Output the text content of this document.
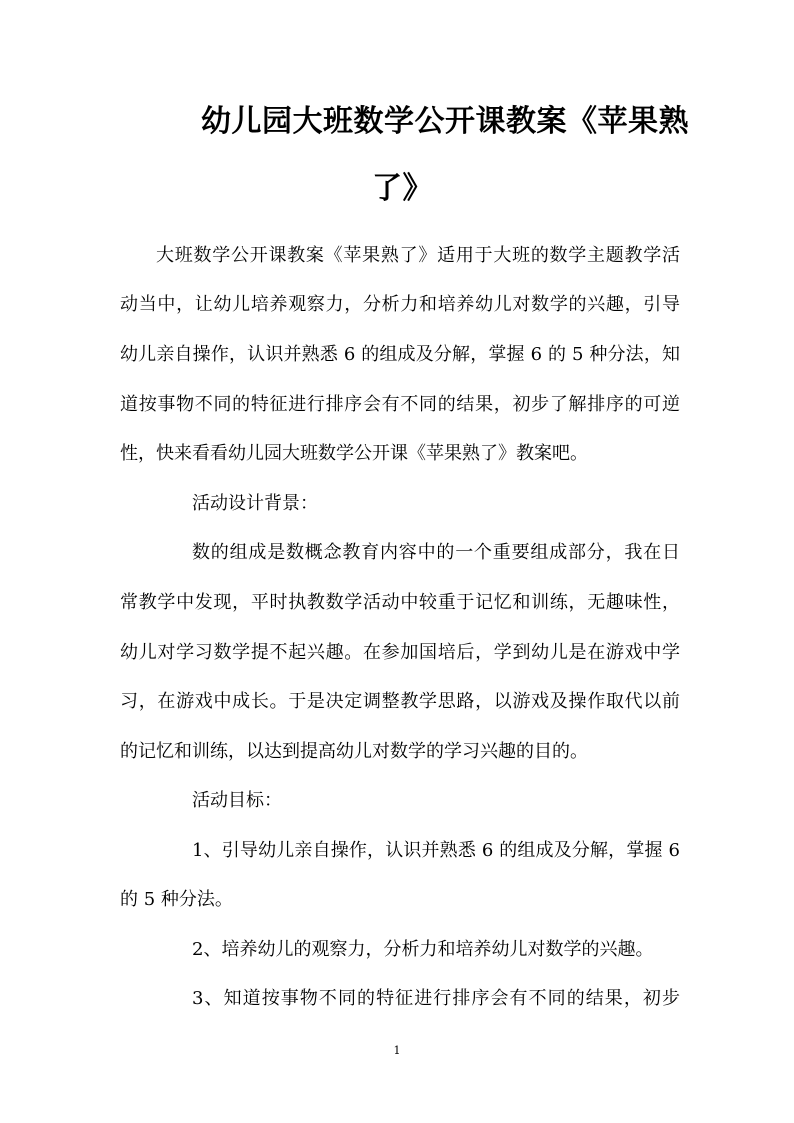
幼儿园大班数学公开课教案《苹果熟
了》
大班数学公开课教案《苹果熟了》适用于大班的数学主题教学活
动当中，让幼儿培养观察力，分析力和培养幼儿对数学的兴趣，引导
幼儿亲自操作，认识并熟悉 6 的组成及分解，掌握 6 的 5 种分法，知
道按事物不同的特征进行排序会有不同的结果，初步了解排序的可逆
性，快来看看幼儿园大班数学公开课《苹果熟了》教案吧。
活动设计背景：
数的组成是数概念教育内容中的一个重要组成部分，我在日
常教学中发现，平时执教数学活动中较重于记忆和训练，无趣味性，
幼儿对学习数学提不起兴趣。在参加国培后，学到幼儿是在游戏中学
习，在游戏中成长。于是决定调整教学思路，以游戏及操作取代以前
的记忆和训练，以达到提高幼儿对数学的学习兴趣的目的。
活动目标：
1、引导幼儿亲自操作，认识并熟悉 6 的组成及分解，掌握 6
的 5 种分法。
2、培养幼儿的观察力，分析力和培养幼儿对数学的兴趣。
3、知道按事物不同的特征进行排序会有不同的结果，初步
1
